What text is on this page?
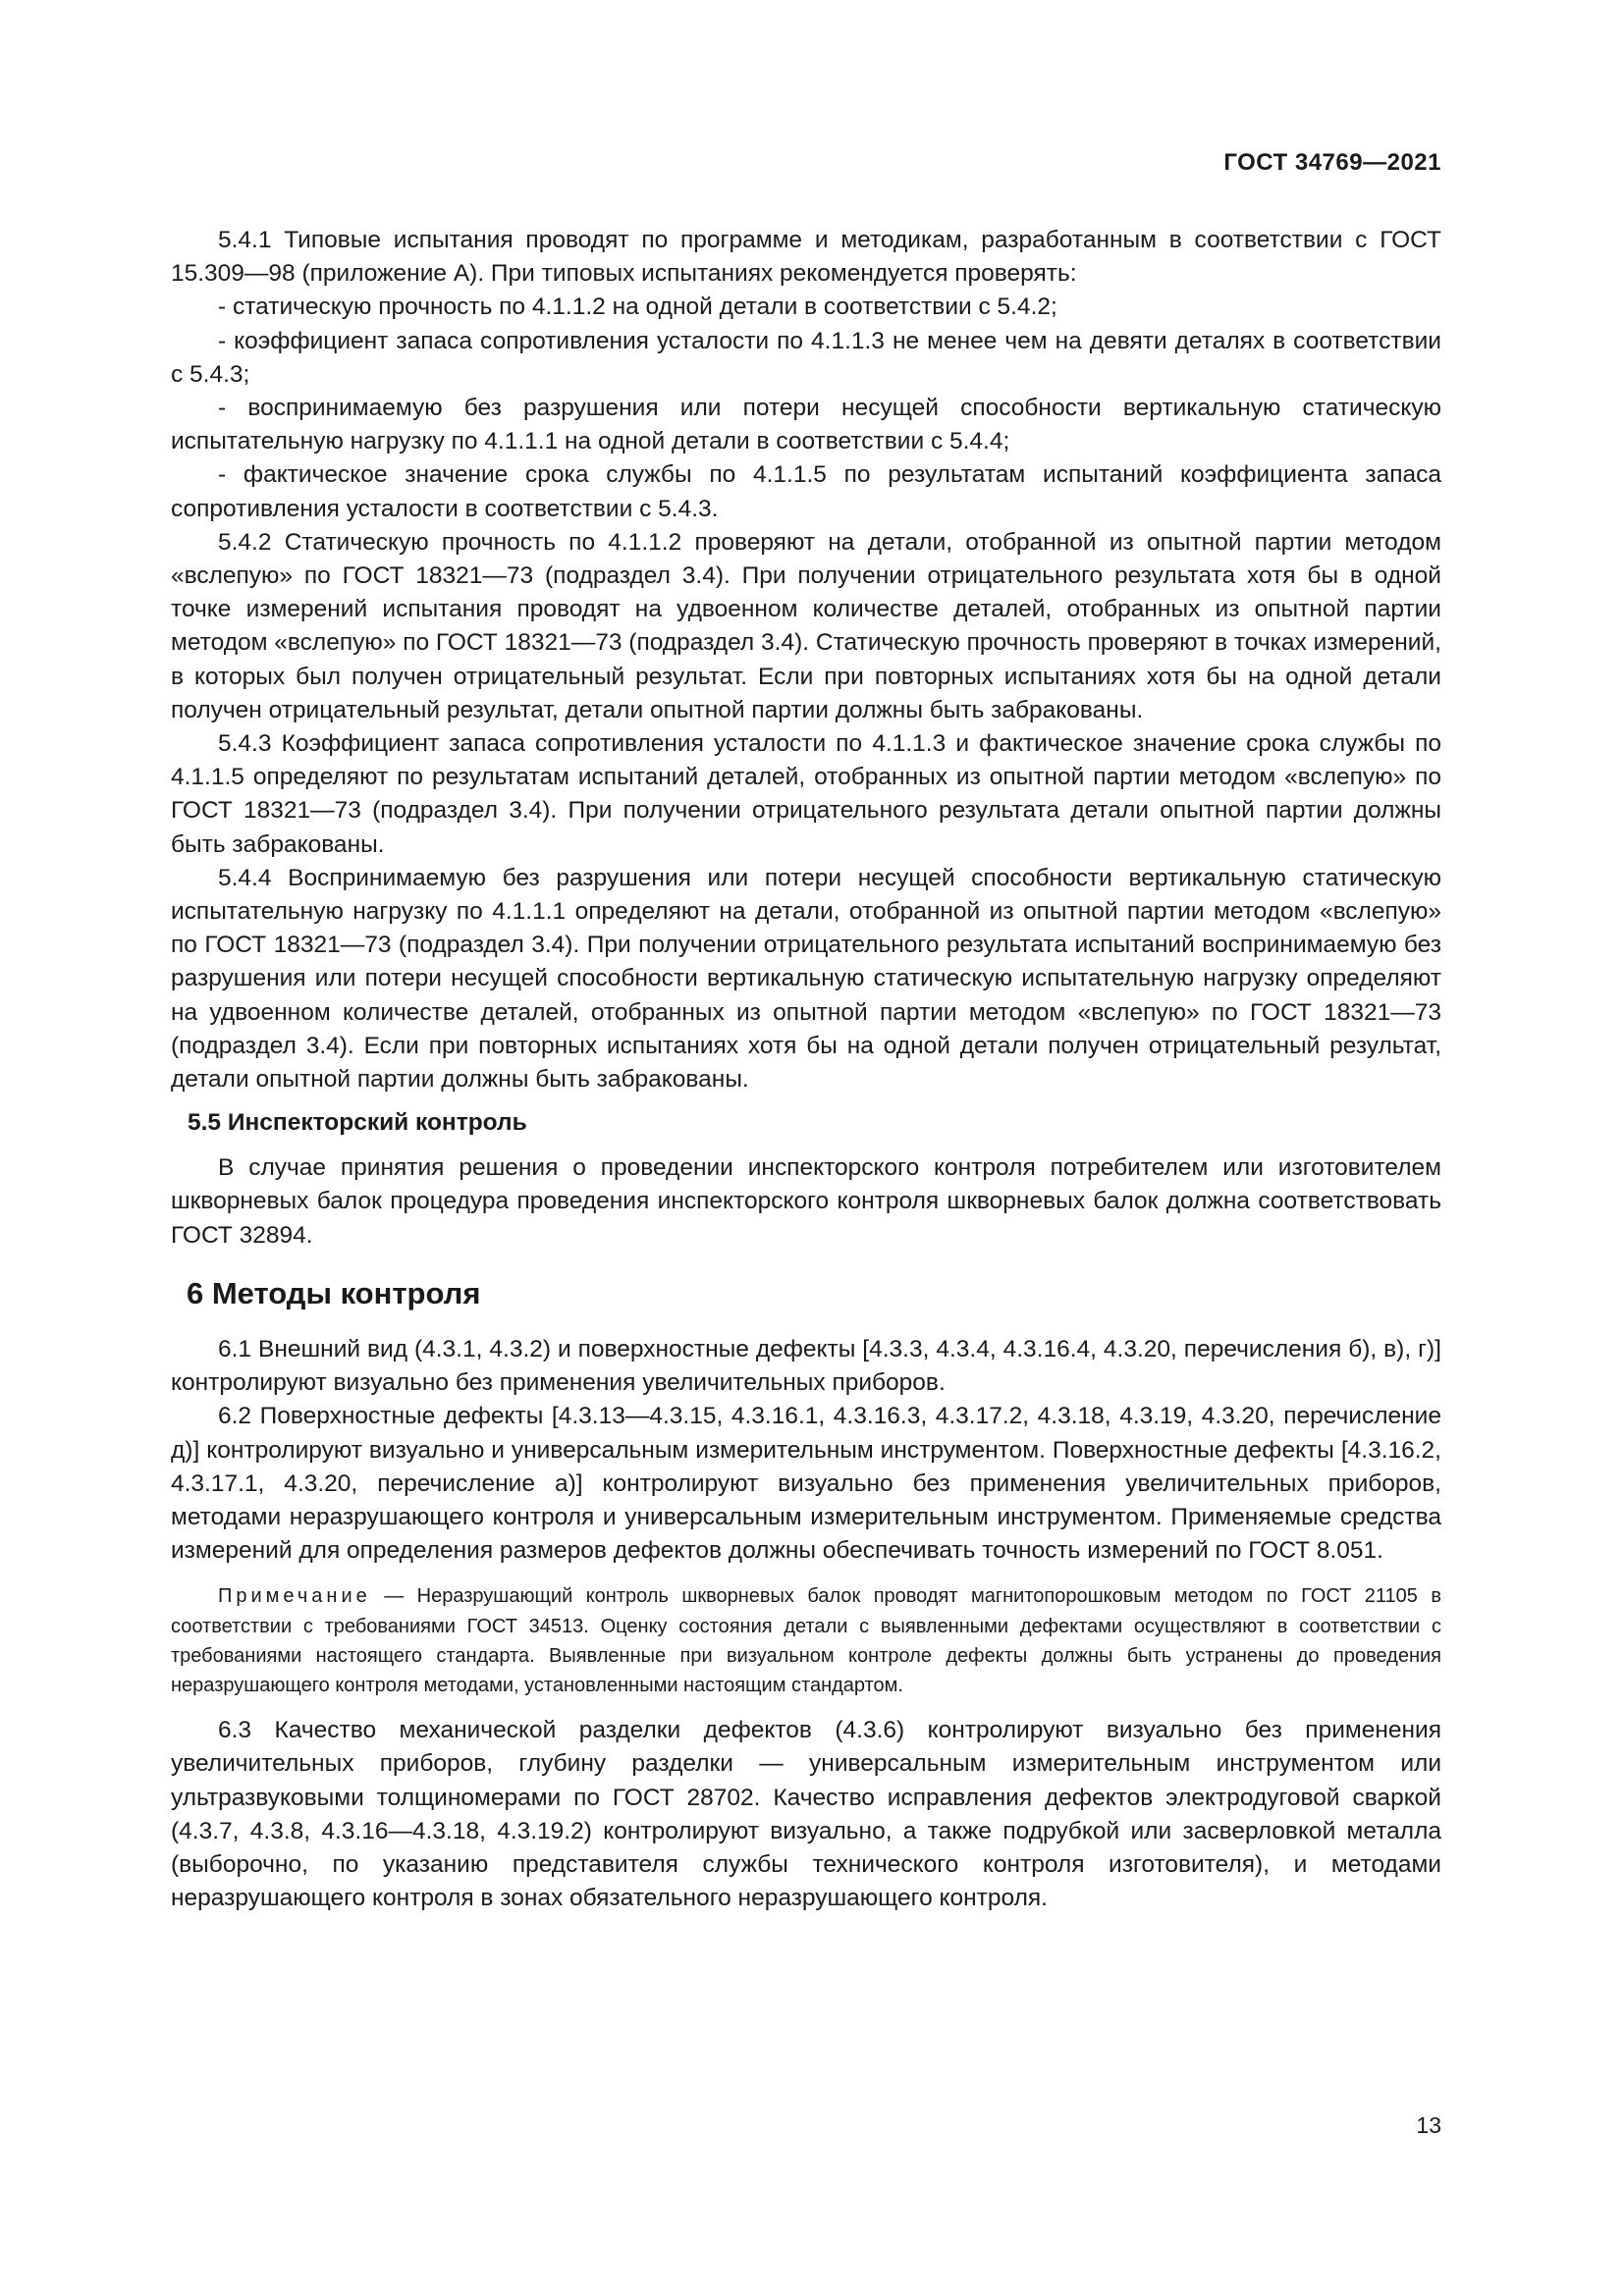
ГОСТ 34769—2021

5.4.1 Типовые испытания проводят по программе и методикам, разработанным в соответствии с ГОСТ 15.309—98 (приложение А). При типовых испытаниях рекомендуется проверять:

- статическую прочность по 4.1.1.2 на одной детали в соответствии с 5.4.2;

- коэффициент запаса сопротивления усталости по 4.1.1.3 не менее чем на девяти деталях в соответствии с 5.4.3;

- воспринимаемую без разрушения или потери несущей способности вертикальную статическую испытательную нагрузку по 4.1.1.1 на одной детали в соответствии с 5.4.4;

- фактическое значение срока службы по 4.1.1.5 по результатам испытаний коэффициента запаса сопротивления усталости в соответствии с 5.4.3.

5.4.2 Статическую прочность по 4.1.1.2 проверяют на детали, отобранной из опытной партии методом «вслепую» по ГОСТ 18321—73 (подраздел 3.4). При получении отрицательного результата хотя бы в одной точке измерений испытания проводят на удвоенном количестве деталей, отобранных из опытной партии методом «вслепую» по ГОСТ 18321—73 (подраздел 3.4). Статическую прочность проверяют в точках измерений, в которых был получен отрицательный результат. Если при повторных испытаниях хотя бы на одной детали получен отрицательный результат, детали опытной партии должны быть забракованы.

5.4.3 Коэффициент запаса сопротивления усталости по 4.1.1.3 и фактическое значение срока службы по 4.1.1.5 определяют по результатам испытаний деталей, отобранных из опытной партии методом «вслепую» по ГОСТ 18321—73 (подраздел 3.4). При получении отрицательного результата детали опытной партии должны быть забракованы.

5.4.4 Воспринимаемую без разрушения или потери несущей способности вертикальную статическую испытательную нагрузку по 4.1.1.1 определяют на детали, отобранной из опытной партии методом «вслепую» по ГОСТ 18321—73 (подраздел 3.4). При получении отрицательного результата испытаний воспринимаемую без разрушения или потери несущей способности вертикальную статическую испытательную нагрузку определяют на удвоенном количестве деталей, отобранных из опытной партии методом «вслепую» по ГОСТ 18321—73 (подраздел 3.4). Если при повторных испытаниях хотя бы на одной детали получен отрицательный результат, детали опытной партии должны быть забракованы.

5.5 Инспекторский контроль

В случае принятия решения о проведении инспекторского контроля потребителем или изготовителем шкворневых балок процедура проведения инспекторского контроля шкворневых балок должна соответствовать ГОСТ 32894.

6 Методы контроля

6.1 Внешний вид (4.3.1, 4.3.2) и поверхностные дефекты [4.3.3, 4.3.4, 4.3.16.4, 4.3.20, перечисления б), в), г)] контролируют визуально без применения увеличительных приборов.

6.2 Поверхностные дефекты [4.3.13—4.3.15, 4.3.16.1, 4.3.16.3, 4.3.17.2, 4.3.18, 4.3.19, 4.3.20, перечисление д)] контролируют визуально и универсальным измерительным инструментом. Поверхностные дефекты [4.3.16.2, 4.3.17.1, 4.3.20, перечисление а)] контролируют визуально без применения увеличительных приборов, методами неразрушающего контроля и универсальным измерительным инструментом. Применяемые средства измерений для определения размеров дефектов должны обеспечивать точность измерений по ГОСТ 8.051.

Примечание — Неразрушающий контроль шкворневых балок проводят магнитопорошковым методом по ГОСТ 21105 в соответствии с требованиями ГОСТ 34513. Оценку состояния детали с выявленными дефектами осуществляют в соответствии с требованиями настоящего стандарта. Выявленные при визуальном контроле дефекты должны быть устранены до проведения неразрушающего контроля методами, установленными настоящим стандартом.

6.3 Качество механической разделки дефектов (4.3.6) контролируют визуально без применения увеличительных приборов, глубину разделки — универсальным измерительным инструментом или ультразвуковыми толщиномерами по ГОСТ 28702. Качество исправления дефектов электродуговой сваркой (4.3.7, 4.3.8, 4.3.16—4.3.18, 4.3.19.2) контролируют визуально, а также подрубкой или засверловкой металла (выборочно, по указанию представителя службы технического контроля изготовителя), и методами неразрушающего контроля в зонах обязательного неразрушающего контроля.

13
